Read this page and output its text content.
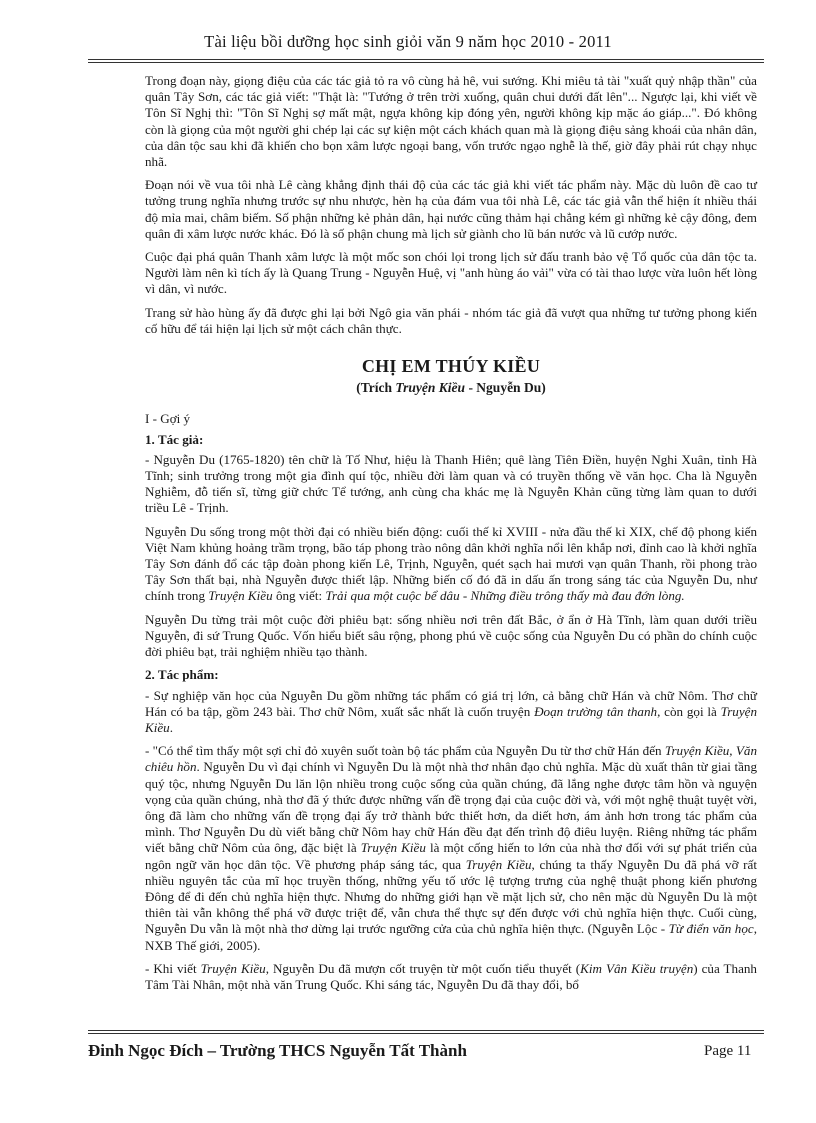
Tài liệu bồi dưỡng học sinh giỏi văn 9 năm học 2010 - 2011

Trong đoạn này, giọng điệu của các tác giả tỏ ra vô cùng hả hê, vui sướng. Khi miêu tả tài "xuất quỷ nhập thần" của quân Tây Sơn, các tác giả viết: "Thật là: "Tướng ở trên trời xuống, quân chui dưới đất lên"... Ngược lại, khi viết về Tôn Sĩ Nghị thì: "Tôn Sĩ Nghị sợ mất mật, ngựa không kịp đóng yên, người không kịp mặc áo giáp...". Đó không còn là giọng của một người ghi chép lại các sự kiện một cách khách quan mà là giọng điệu sảng khoái của nhân dân, của dân tộc sau khi đã khiến cho bọn xâm lược ngoại bang, vốn trước ngạo nghễ là thế, giờ đây phải rút chạy nhục nhã.

Đoạn nói về vua tôi nhà Lê càng khẳng định thái độ của các tác giả khi viết tác phẩm này. Mặc dù luôn đề cao tư tưởng trung nghĩa nhưng trước sự nhu nhược, hèn hạ của đám vua tôi nhà Lê, các tác giả vẫn thể hiện ít nhiều thái độ mỉa mai, châm biếm. Số phận những kẻ phản dân, hại nước cũng thảm hại chẳng kém gì những kẻ cậy đông, đem quân đi xâm lược nước khác. Đó là số phận chung mà lịch sử giành cho lũ bán nước và lũ cướp nước.

Cuộc đại phá quân Thanh xâm lược là một mốc son chói lọi trong lịch sử đấu tranh bảo vệ Tổ quốc của dân tộc ta. Người làm nên kì tích ấy là Quang Trung - Nguyễn Huệ, vị "anh hùng áo vải" vừa có tài thao lược vừa luôn hết lòng vì dân, vì nước.

Trang sử hào hùng ấy đã được ghi lại bởi Ngô gia văn phái - nhóm tác giả đã vượt qua những tư tưởng phong kiến cố hữu để tái hiện lại lịch sử một cách chân thực.

CHỊ EM THÚY KIỀU

(Trích Truyện Kiều - Nguyễn Du)

I - Gợi ý

1. Tác giả:

- Nguyễn Du (1765-1820) tên chữ là Tố Như, hiệu là Thanh Hiên; quê làng Tiên Điền, huyện Nghi Xuân, tỉnh Hà Tĩnh; sinh trưởng trong một gia đình quí tộc, nhiều đời làm quan và có truyền thống về văn học. Cha là Nguyễn Nghiễm, đỗ tiến sĩ, từng giữ chức Tể tướng, anh cùng cha khác mẹ là Nguyễn Khản cũng từng làm quan to dưới triều Lê - Trịnh.

Nguyễn Du sống trong một thời đại có nhiều biến động: cuối thế kỉ XVIII - nửa đầu thế kỉ XIX, chế độ phong kiến Việt Nam khủng hoảng trầm trọng, bão táp phong trào nông dân khởi nghĩa nổi lên khắp nơi, đỉnh cao là khởi nghĩa Tây Sơn đánh đổ các tập đoàn phong kiến Lê, Trịnh, Nguyễn, quét sạch hai mươi vạn quân Thanh, rồi phong trào Tây Sơn thất bại, nhà Nguyễn được thiết lập. Những biến cố đó đã in dấu ấn trong sáng tác của Nguyễn Du, như chính trong Truyện Kiều ông viết: Trải qua một cuộc bể dâu - Những điều trông thấy mà đau đớn lòng.

Nguyễn Du từng trải một cuộc đời phiêu bạt: sống nhiều nơi trên đất Bắc, ở ẩn ở Hà Tĩnh, làm quan dưới triều Nguyễn, đi sứ Trung Quốc. Vốn hiểu biết sâu rộng, phong phú về cuộc sống của Nguyễn Du có phần do chính cuộc đời phiêu bạt, trải nghiệm nhiều tạo thành.

2. Tác phẩm:

- Sự nghiệp văn học của Nguyễn Du gồm những tác phẩm có giá trị lớn, cả bằng chữ Hán và chữ Nôm. Thơ chữ Hán có ba tập, gồm 243 bài. Thơ chữ Nôm, xuất sắc nhất là cuốn truyện Đoạn trường tân thanh, còn gọi là Truyện Kiều.

- "Có thể tìm thấy một sợi chỉ đỏ xuyên suốt toàn bộ tác phẩm của Nguyễn Du từ thơ chữ Hán đến Truyện Kiều, Văn chiêu hồn. Nguyễn Du vì đại chính vì Nguyễn Du là một nhà thơ nhân đạo chủ nghĩa. Mặc dù xuất thân từ giai tầng quý tộc, nhưng Nguyễn Du lăn lộn nhiều trong cuộc sống của quần chúng, đã lắng nghe được tâm hồn và nguyện vọng của quần chúng, nhà thơ đã ý thức được những vấn đề trọng đại của cuộc đời và, với một nghệ thuật tuyệt vời, ông đã làm cho những vấn đề trọng đại ấy trở thành bức thiết hơn, da diết hơn, ám ảnh hơn trong tác phẩm của mình. Thơ Nguyễn Du dù viết bằng chữ Nôm hay chữ Hán đều đạt đến trình độ điêu luyện. Riêng những tác phẩm viết bằng chữ Nôm của ông, đặc biệt là Truyện Kiều là một cống hiến to lớn của nhà thơ đối với sự phát triển của ngôn ngữ văn học dân tộc. Về phương pháp sáng tác, qua Truyện Kiều, chúng ta thấy Nguyễn Du đã phá vỡ rất nhiều nguyên tắc của mĩ học truyền thống, những yếu tố ước lệ tượng trưng của nghệ thuật phong kiến phương Đông để đi đến chủ nghĩa hiện thực. Nhưng do những giới hạn về mặt lịch sử, cho nên mặc dù Nguyễn Du là một thiên tài vẫn không thể phá vỡ được triệt để, vẫn chưa thể thực sự đến được với chủ nghĩa hiện thực. Cuối cùng, Nguyễn Du vẫn là một nhà thơ dừng lại trước ngưỡng cửa của chủ nghĩa hiện thực. (Nguyễn Lộc - Từ điển văn học, NXB Thế giới, 2005).

- Khi viết Truyện Kiều, Nguyễn Du đã mượn cốt truyện từ một cuốn tiểu thuyết (Kim Vân Kiều truyện) của Thanh Tâm Tài Nhân, một nhà văn Trung Quốc. Khi sáng tác, Nguyễn Du đã thay đổi, bổ

Đinh Ngọc Đích – Trường THCS Nguyễn Tất Thành	Page 11
